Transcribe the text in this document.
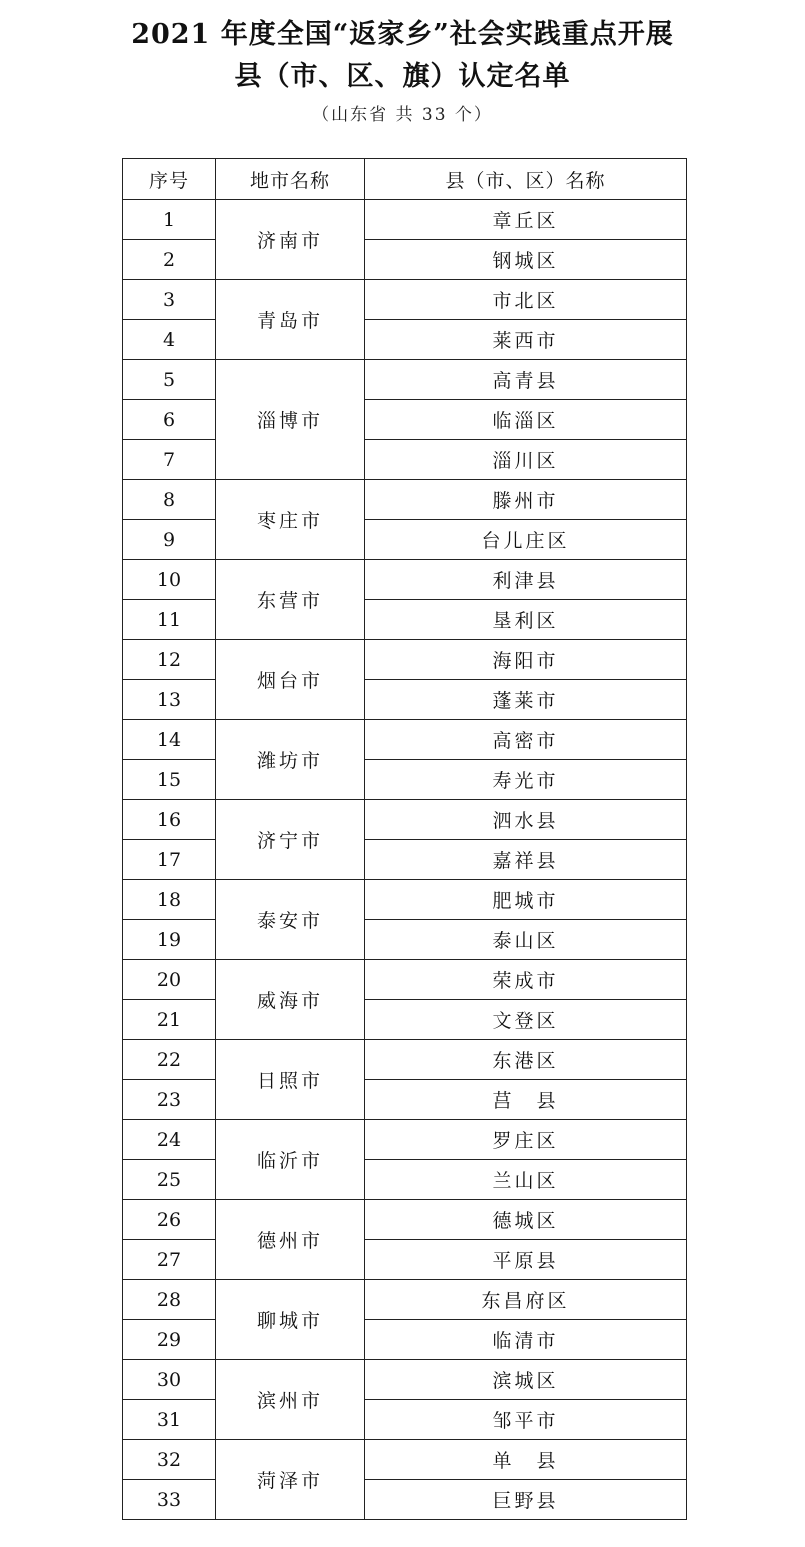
2021 年度全国“返家乡”社会实践重点开展
县（市、区、旗）认定名单
（山东省 共 33 个）
序号	地市名称	县（市、区）名称
1	济南市	章丘区
2		钢城区
3	青岛市	市北区
4		莱西市
5	淄博市	高青县
6		临淄区
7		淄川区
8	枣庄市	滕州市
9		台儿庄区
10	东营市	利津县
11		垦利区
12	烟台市	海阳市
13		蓬莱市
14	潍坊市	高密市
15		寿光市
16	济宁市	泗水县
17		嘉祥县
18	泰安市	肥城市
19		泰山区
20	威海市	荣成市
21		文登区
22	日照市	东港区
23		莒　县
24	临沂市	罗庄区
25		兰山区
26	德州市	德城区
27		平原县
28	聊城市	东昌府区
29		临清市
30	滨州市	滨城区
31		邹平市
32	菏泽市	单　县
33		巨野县
